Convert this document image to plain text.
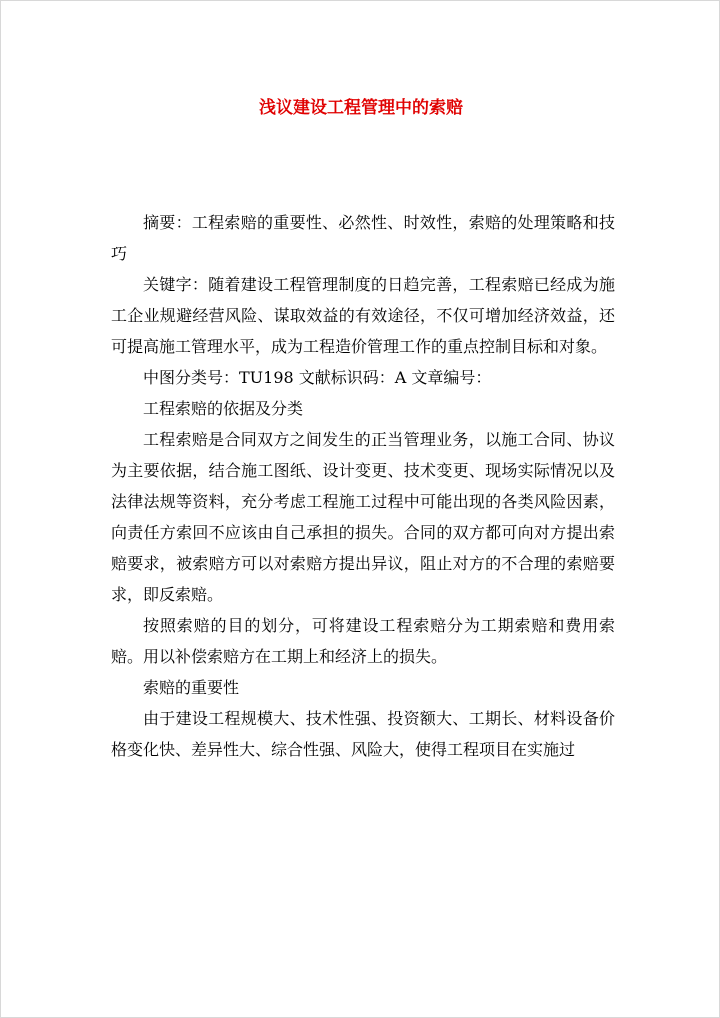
浅议建设工程管理中的索赔

摘要：工程索赔的重要性、必然性、时效性，索赔的处理策略和技巧

关键字：随着建设工程管理制度的日趋完善，工程索赔已经成为施工企业规避经营风险、谋取效益的有效途径，不仅可增加经济效益，还可提高施工管理水平，成为工程造价管理工作的重点控制目标和对象。

中图分类号：TU198 文献标识码：A 文章编号：

工程索赔的依据及分类

工程索赔是合同双方之间发生的正当管理业务，以施工合同、协议为主要依据，结合施工图纸、设计变更、技术变更、现场实际情况以及法律法规等资料，充分考虑工程施工过程中可能出现的各类风险因素，向责任方索回不应该由自己承担的损失。合同的双方都可向对方提出索赔要求，被索赔方可以对索赔方提出异议，阻止对方的不合理的索赔要求，即反索赔。

按照索赔的目的划分，可将建设工程索赔分为工期索赔和费用索赔。用以补偿索赔方在工期上和经济上的损失。

索赔的重要性

由于建设工程规模大、技术性强、投资额大、工期长、材料设备价格变化快、差异性大、综合性强、风险大，使得工程项目在实施过
